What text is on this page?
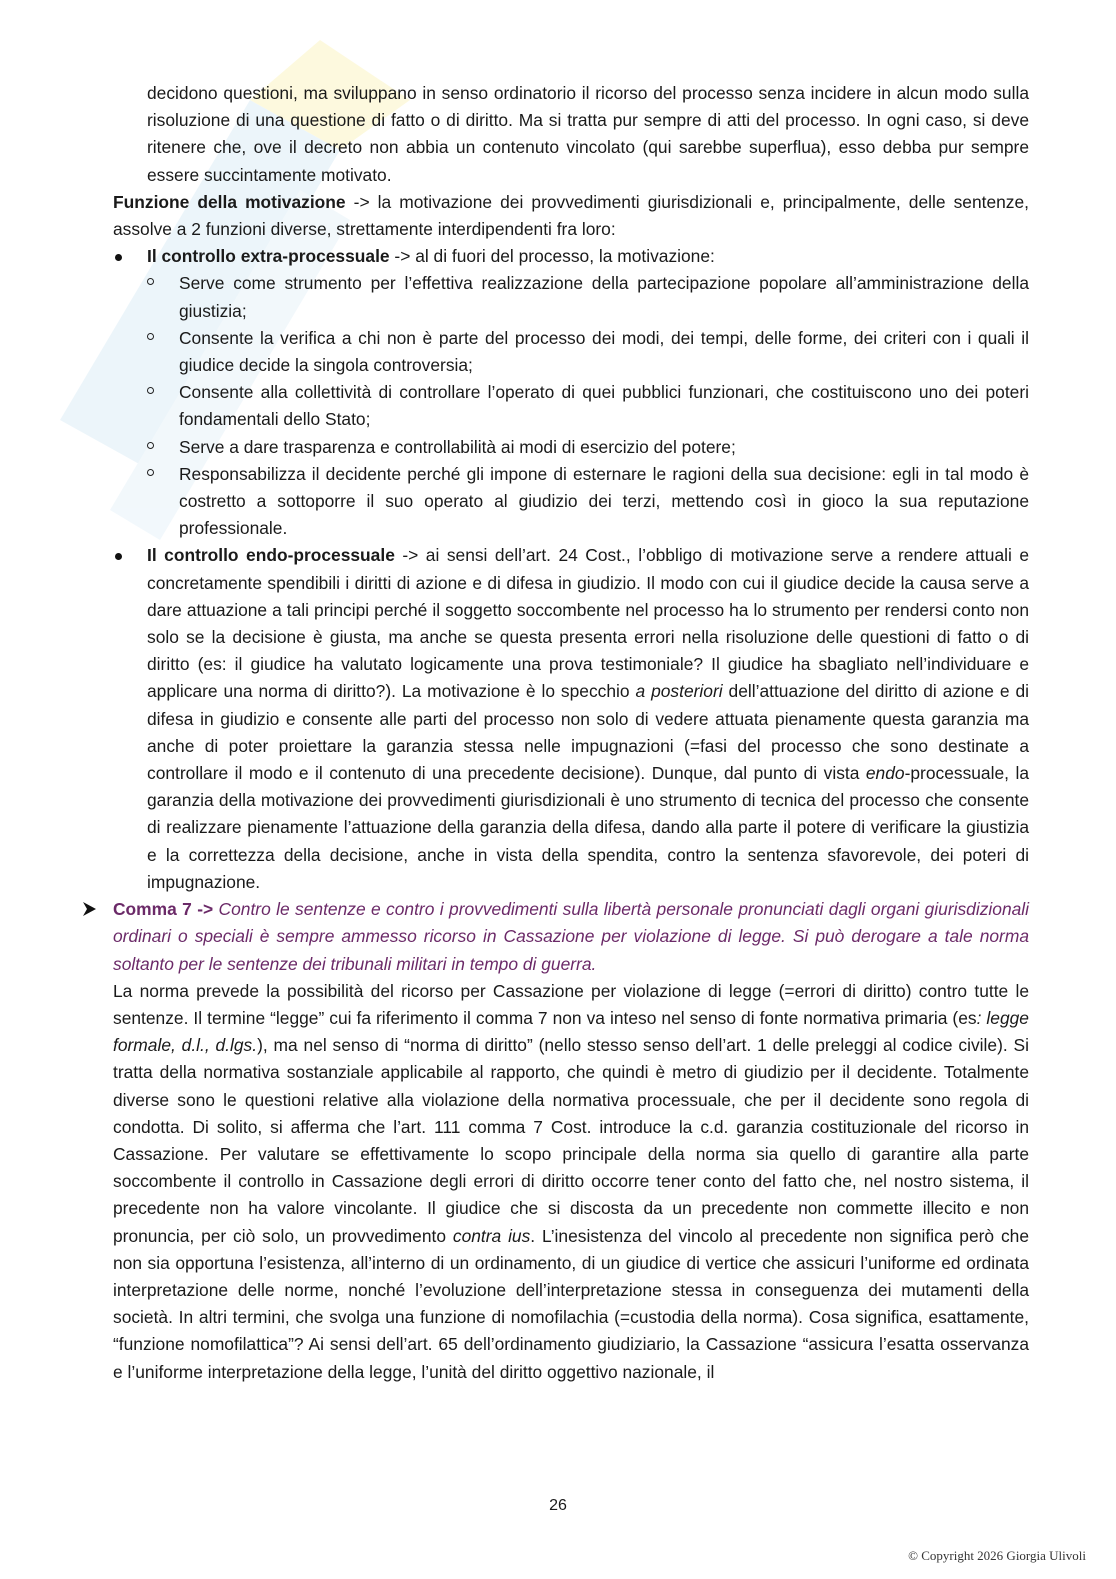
decidono questioni, ma sviluppano in senso ordinatorio il ricorso del processo senza incidere in alcun modo sulla risoluzione di una questione di fatto o di diritto. Ma si tratta pur sempre di atti del processo. In ogni caso, si deve ritenere che, ove il decreto non abbia un contenuto vincolato (qui sarebbe superflua), esso debba pur sempre essere succintamente motivato.

Funzione della motivazione -> la motivazione dei provvedimenti giurisdizionali e, principalmente, delle sentenze, assolve a 2 funzioni diverse, strettamente interdipendenti fra loro:

Il controllo extra-processuale -> al di fuori del processo, la motivazione:

Serve come strumento per l’effettiva realizzazione della partecipazione popolare all’amministrazione della giustizia;

Consente la verifica a chi non è parte del processo dei modi, dei tempi, delle forme, dei criteri con i quali il giudice decide la singola controversia;

Consente alla collettività di controllare l’operato di quei pubblici funzionari, che costituiscono uno dei poteri fondamentali dello Stato;

Serve a dare trasparenza e controllabilità ai modi di esercizio del potere;

Responsabilizza il decidente perché gli impone di esternare le ragioni della sua decisione: egli in tal modo è costretto a sottoporre il suo operato al giudizio dei terzi, mettendo così in gioco la sua reputazione professionale.

Il controllo endo-processuale -> ai sensi dell’art. 24 Cost., l’obbligo di motivazione serve a rendere attuali e concretamente spendibili i diritti di azione e di difesa in giudizio. Il modo con cui il giudice decide la causa serve a dare attuazione a tali principi perché il soggetto soccombente nel processo ha lo strumento per rendersi conto non solo se la decisione è giusta, ma anche se questa presenta errori nella risoluzione delle questioni di fatto o di diritto (es: il giudice ha valutato logicamente una prova testimoniale? Il giudice ha sbagliato nell’individuare e applicare una norma di diritto?). La motivazione è lo specchio a posteriori dell’attuazione del diritto di azione e di difesa in giudizio e consente alle parti del processo non solo di vedere attuata pienamente questa garanzia ma anche di poter proiettare la garanzia stessa nelle impugnazioni (=fasi del processo che sono destinate a controllare il modo e il contenuto di una precedente decisione). Dunque, dal punto di vista endo-processuale, la garanzia della motivazione dei provvedimenti giurisdizionali è uno strumento di tecnica del processo che consente di realizzare pienamente l’attuazione della garanzia della difesa, dando alla parte il potere di verificare la giustizia e la correttezza della decisione, anche in vista della spendita, contro la sentenza sfavorevole, dei poteri di impugnazione.

Comma 7 -> Contro le sentenze e contro i provvedimenti sulla libertà personale pronunciati dagli organi giurisdizionali ordinari o speciali è sempre ammesso ricorso in Cassazione per violazione di legge. Si può derogare a tale norma soltanto per le sentenze dei tribunali militari in tempo di guerra.

La norma prevede la possibilità del ricorso per Cassazione per violazione di legge (=errori di diritto) contro tutte le sentenze. Il termine “legge” cui fa riferimento il comma 7 non va inteso nel senso di fonte normativa primaria (es: legge formale, d.l., d.lgs.), ma nel senso di “norma di diritto” (nello stesso senso dell’art. 1 delle preleggi al codice civile). Si tratta della normativa sostanziale applicabile al rapporto, che quindi è metro di giudizio per il decidente. Totalmente diverse sono le questioni relative alla violazione della normativa processuale, che per il decidente sono regola di condotta. Di solito, si afferma che l’art. 111 comma 7 Cost. introduce la c.d. garanzia costituzionale del ricorso in Cassazione. Per valutare se effettivamente lo scopo principale della norma sia quello di garantire alla parte soccombente il controllo in Cassazione degli errori di diritto occorre tener conto del fatto che, nel nostro sistema, il precedente non ha valore vincolante. Il giudice che si discosta da un precedente non commette illecito e non pronuncia, per ciò solo, un provvedimento contra ius. L’inesistenza del vincolo al precedente non significa però che non sia opportuna l’esistenza, all’interno di un ordinamento, di un giudice di vertice che assicuri l’uniforme ed ordinata interpretazione delle norme, nonché l’evoluzione dell’interpretazione stessa in conseguenza dei mutamenti della società. In altri termini, che svolga una funzione di nomofilachia (=custodia della norma). Cosa significa, esattamente, “funzione nomofilattica”? Ai sensi dell’art. 65 dell’ordinamento giudiziario, la Cassazione “assicura l’esatta osservanza e l’uniforme interpretazione della legge, l’unità del diritto oggettivo nazionale, il

26
© Copyright 2026 Giorgia Ulivoli
